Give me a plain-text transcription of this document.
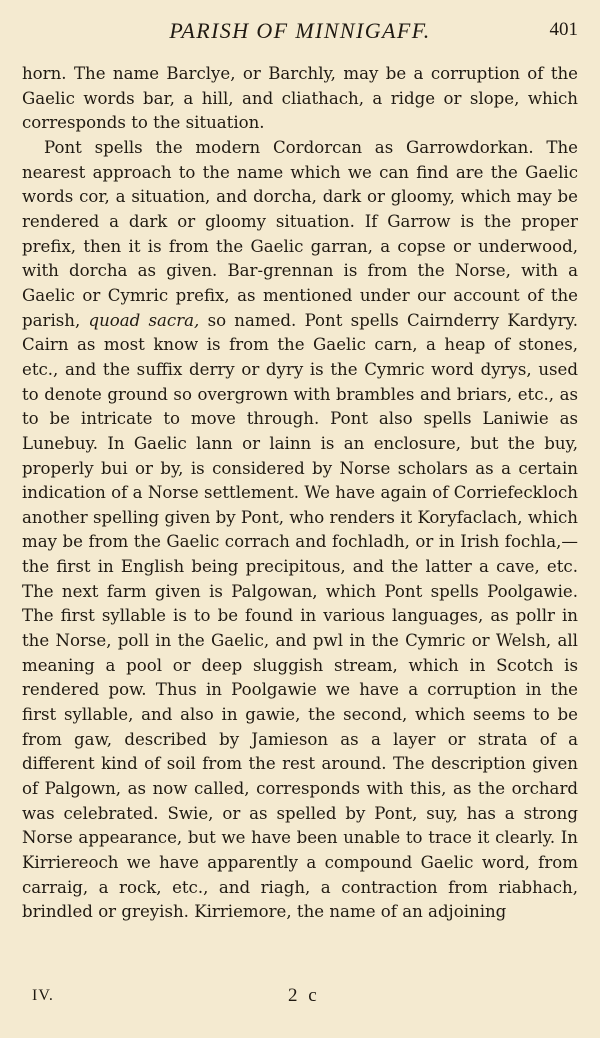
PARISH OF MINNIGAFF.	401

horn. The name Barclye, or Barchly, may be a corruption of the Gaelic words bar, a hill, and cliathach, a ridge or slope, which corresponds to the situation.

Pont spells the modern Cordorcan as Garrowdorkan. The nearest approach to the name which we can find are the Gaelic words cor, a situation, and dorcha, dark or gloomy, which may be rendered a dark or gloomy situation. If Garrow is the proper prefix, then it is from the Gaelic garran, a copse or underwood, with dorcha as given. Bar-grennan is from the Norse, with a Gaelic or Cymric prefix, as mentioned under our account of the parish, quoad sacra, so named. Pont spells Cairnderry Kardyry. Cairn as most know is from the Gaelic carn, a heap of stones, etc., and the suffix derry or dyry is the Cymric word dyrys, used to denote ground so overgrown with brambles and briars, etc., as to be intricate to move through. Pont also spells Laniwie as Lunebuy. In Gaelic lann or lainn is an enclosure, but the buy, properly bui or by, is considered by Norse scholars as a certain indication of a Norse settlement. We have again of Corriefeckloch another spelling given by Pont, who renders it Koryfaclach, which may be from the Gaelic corrach and fochladh, or in Irish fochla,—the first in English being precipitous, and the latter a cave, etc. The next farm given is Palgowan, which Pont spells Poolgawie. The first syllable is to be found in various languages, as pollr in the Norse, poll in the Gaelic, and pwl in the Cymric or Welsh, all meaning a pool or deep sluggish stream, which in Scotch is rendered pow. Thus in Poolgawie we have a corruption in the first syllable, and also in gawie, the second, which seems to be from gaw, described by Jamieson as a layer or strata of a different kind of soil from the rest around. The description given of Palgown, as now called, corresponds with this, as the orchard was celebrated. Swie, or as spelled by Pont, suy, has a strong Norse appearance, but we have been unable to trace it clearly. In Kirriereoch we have apparently a compound Gaelic word, from carraig, a rock, etc., and riagh, a contraction from riabhach, brindled or greyish. Kirriemore, the name of an adjoining

IV.	2 c
